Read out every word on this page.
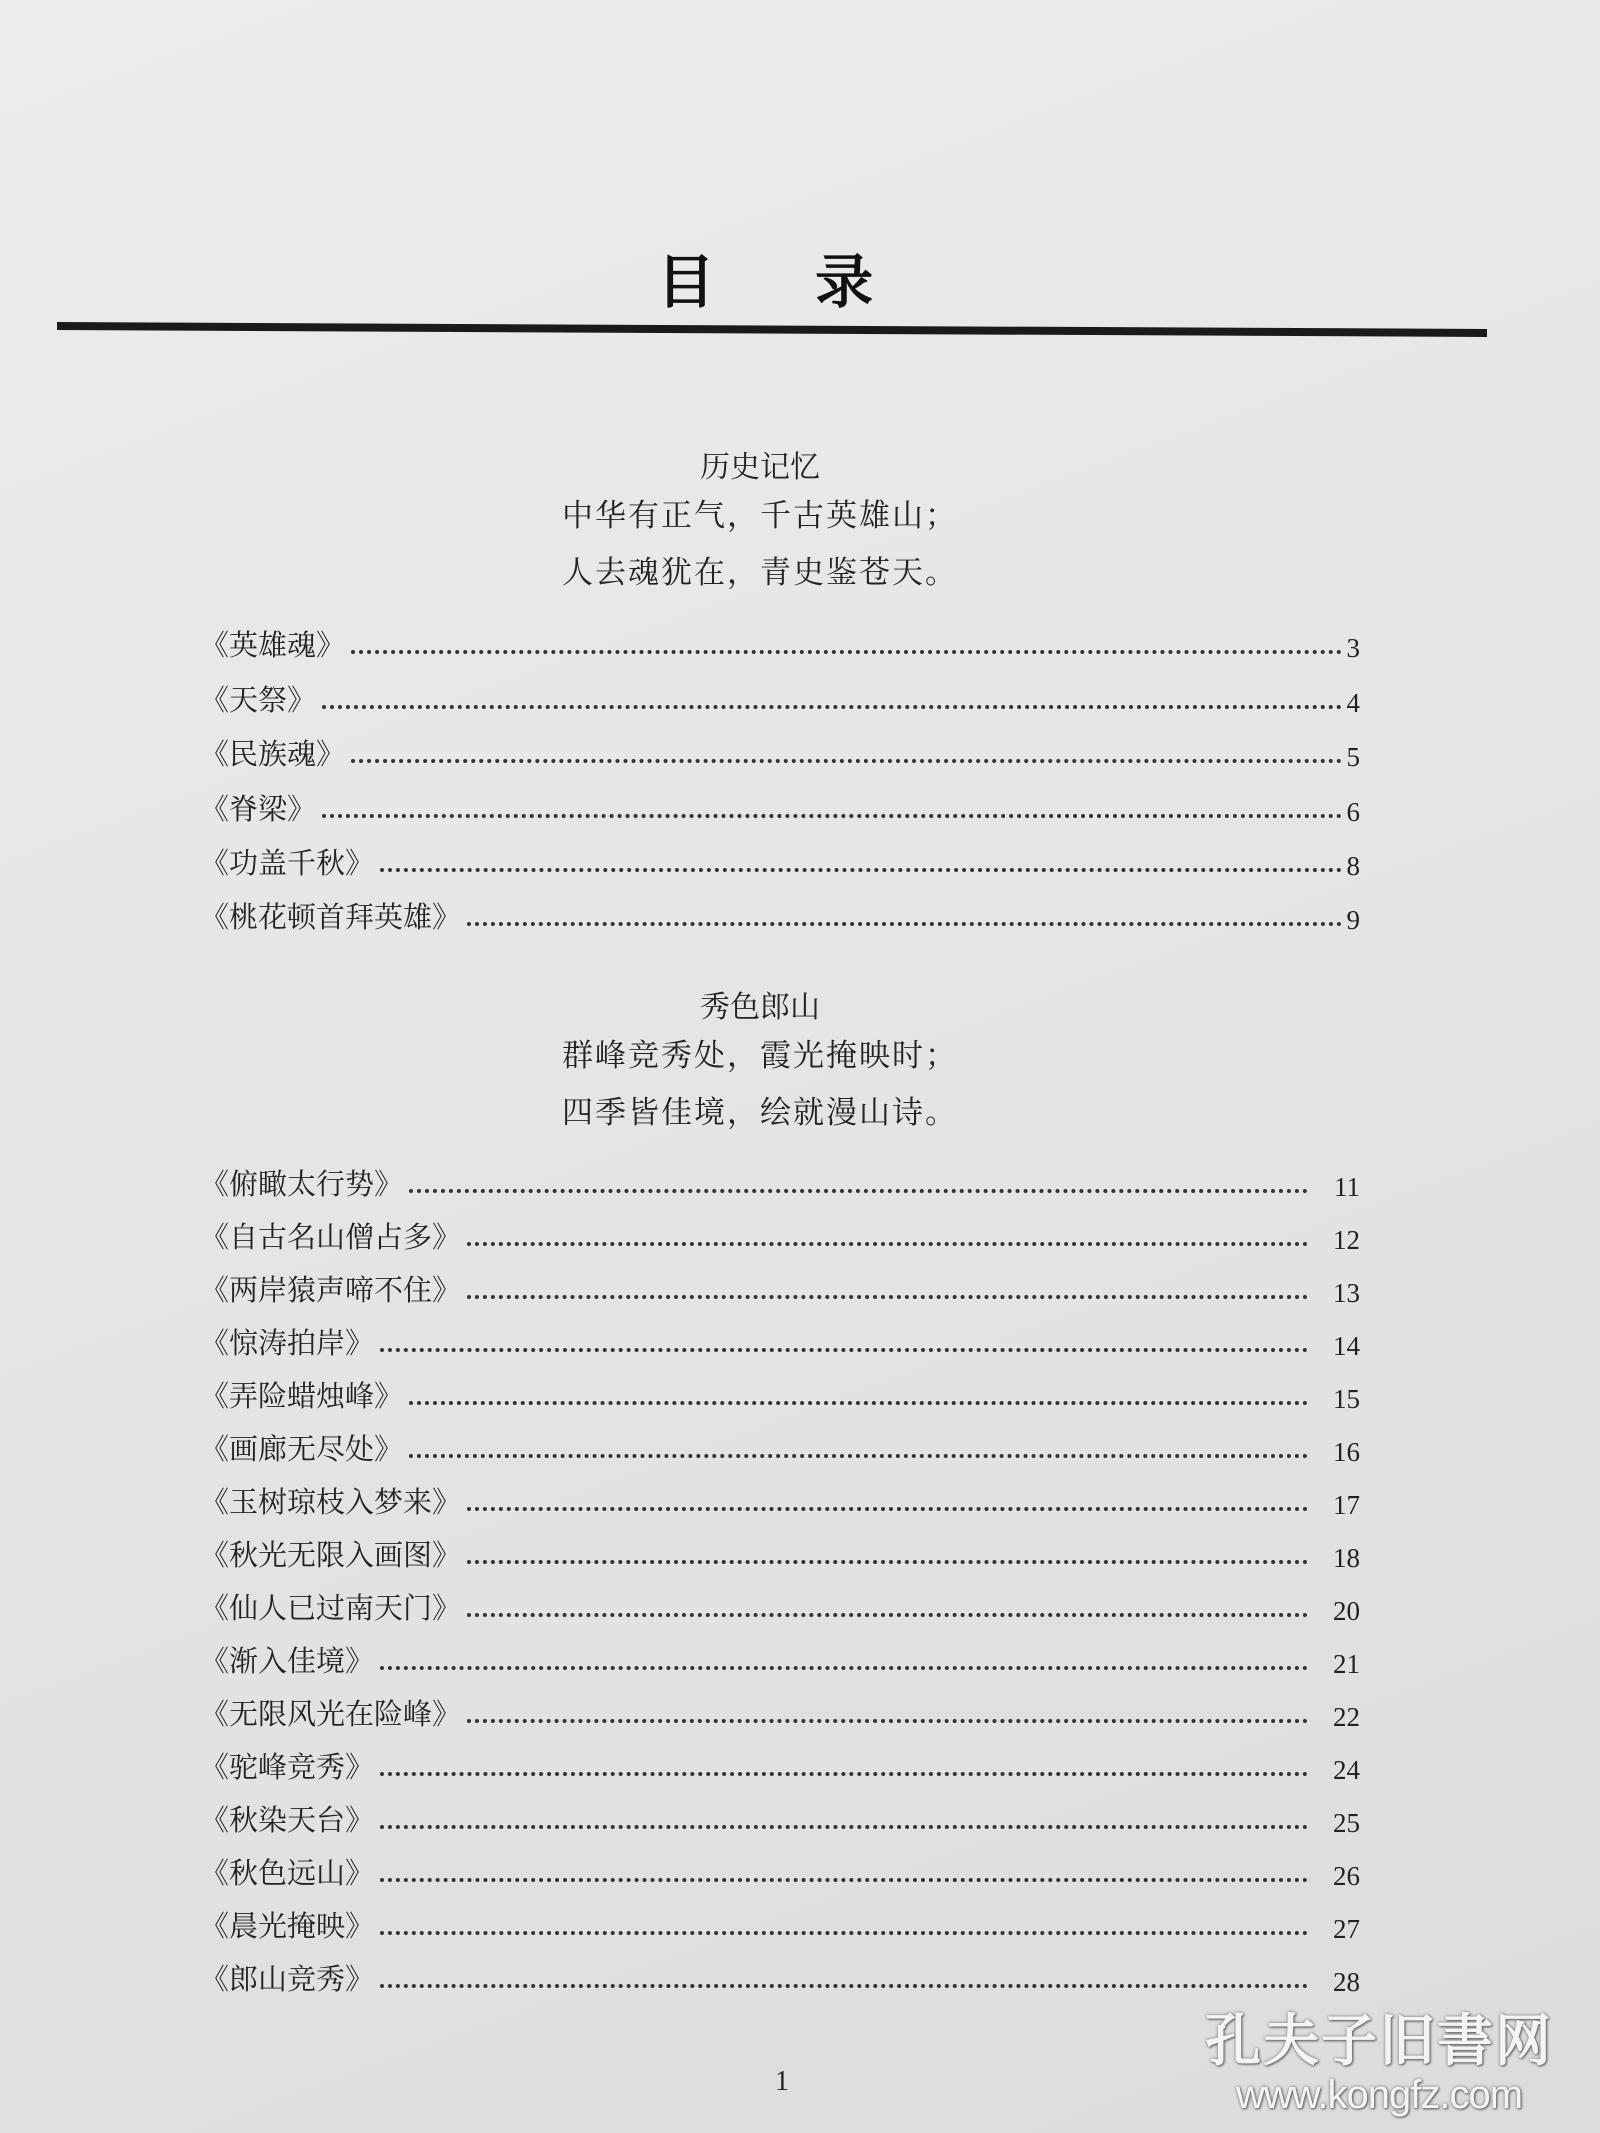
目 录
历史记忆
中华有正气，千古英雄山；
人去魂犹在，青史鉴苍天。
《英雄魂》	3
《天祭》	4
《民族魂》	5
《脊梁》	6
《功盖千秋》	8
《桃花顿首拜英雄》	9
秀色郎山
群峰竞秀处，霞光掩映时；
四季皆佳境，绘就漫山诗。
《俯瞰太行势》	11
《自古名山僧占多》	12
《两岸猿声啼不住》	13
《惊涛拍岸》	14
《弄险蜡烛峰》	15
《画廊无尽处》	16
《玉树琼枝入梦来》	17
《秋光无限入画图》	18
《仙人已过南天门》	20
《渐入佳境》	21
《无限风光在险峰》	22
《驼峰竞秀》	24
《秋染天台》	25
《秋色远山》	26
《晨光掩映》	27
《郎山竞秀》	28
1
孔夫子旧書网
www.kongfz.com
